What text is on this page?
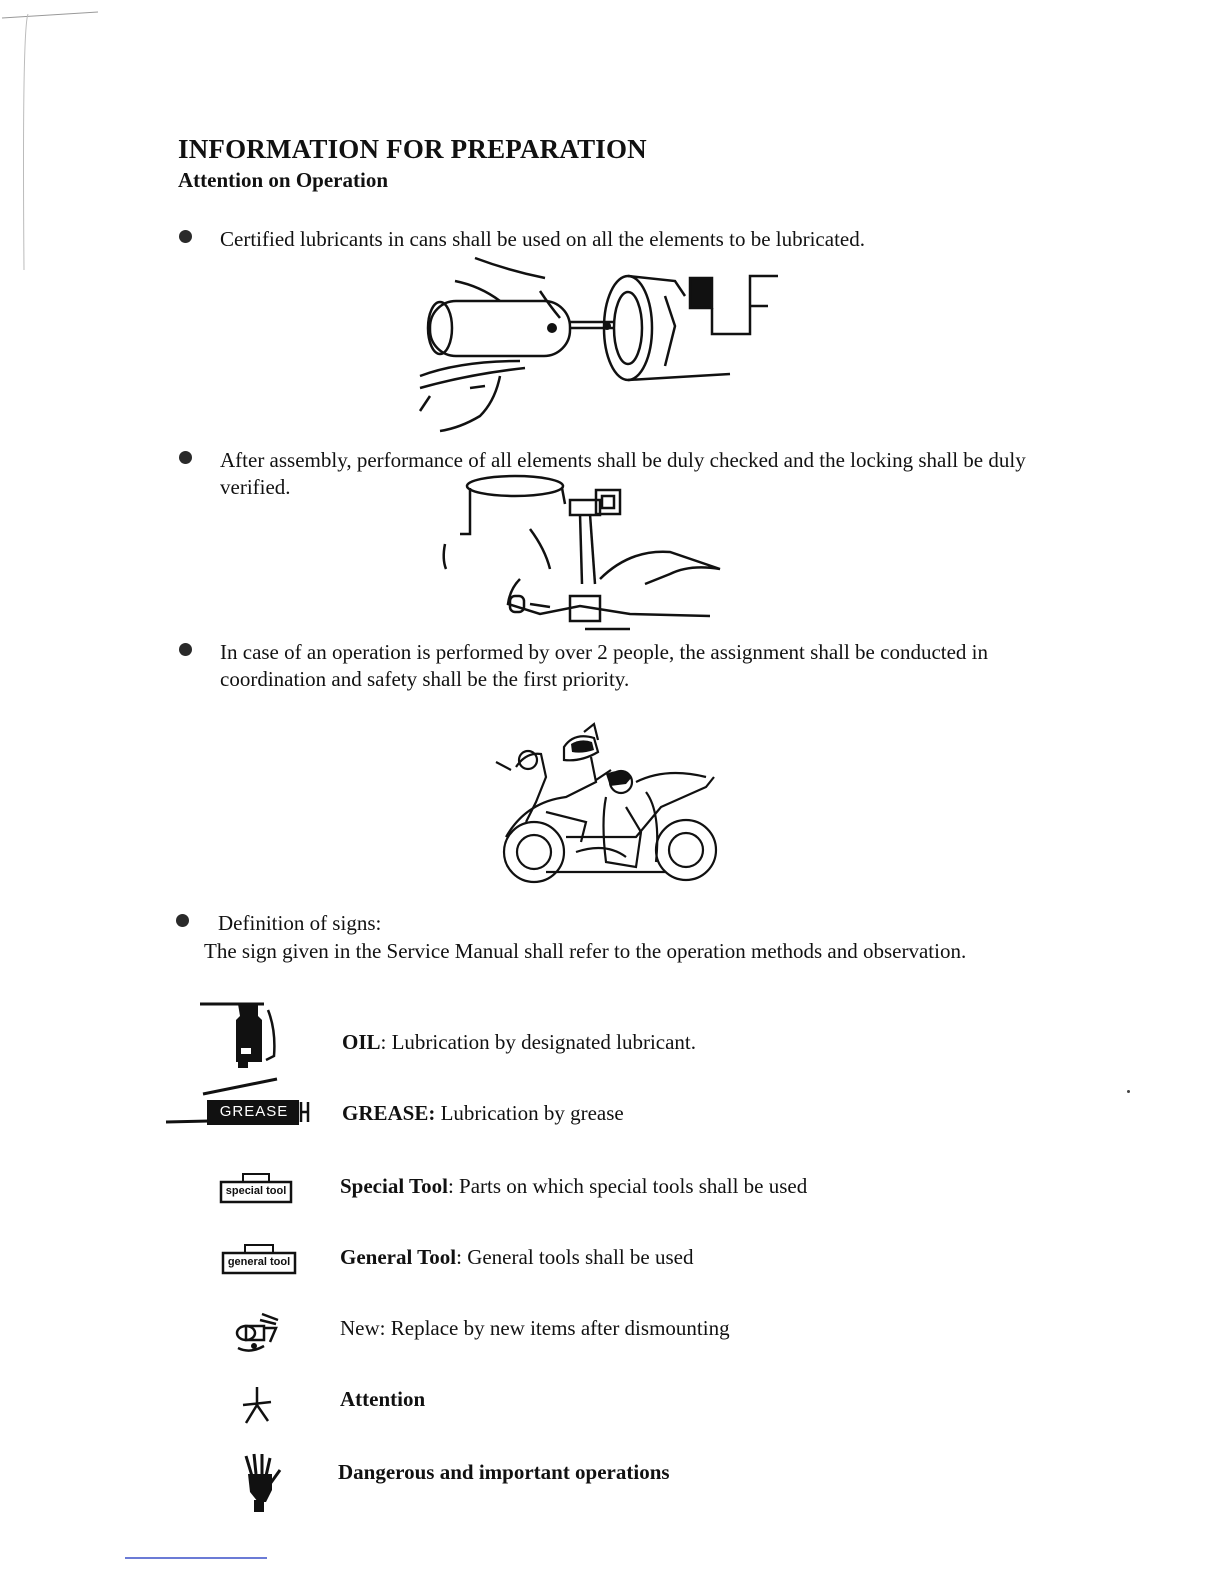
INFORMATION FOR PREPARATION
Attention on Operation
Certified lubricants in cans shall be used on all the elements to be lubricated.
After assembly, performance of all elements shall be duly checked and the locking shall be duly verified.
In case of an operation is performed by over 2 people, the assignment shall be conducted in coordination and safety shall be the first priority.
Definition of signs:
The sign given in the Service Manual shall refer to the operation methods and observation.
OIL: Lubrication by designated lubricant.
GREASE	GREASE: Lubrication by grease
special tool	Special Tool: Parts on which special tools shall be used
general tool General Tool: General tools shall be used
New: Replace by new items after dismounting
Attention
Dangerous and important operations
